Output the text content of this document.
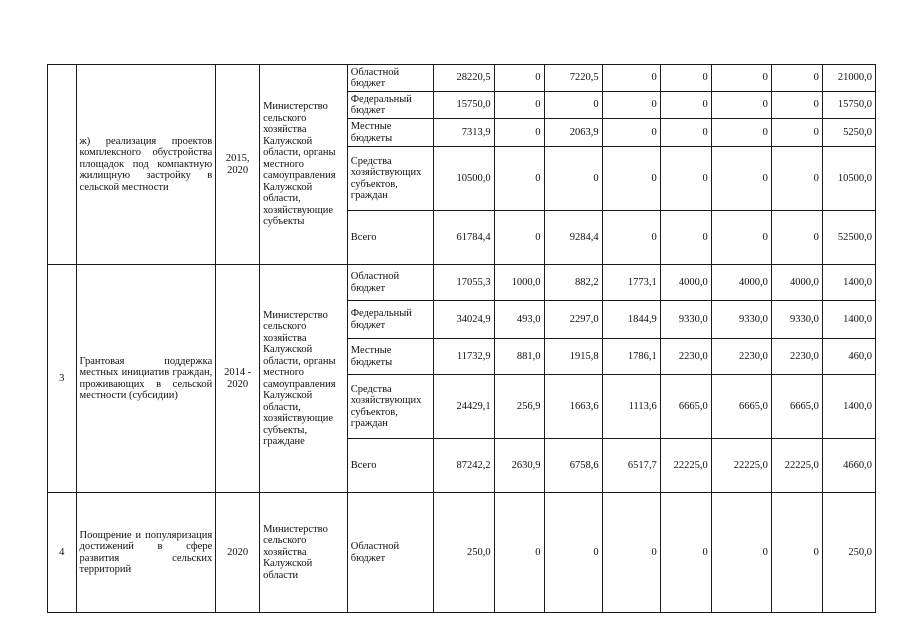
	ж) реализация проектов комплексного обустройства площадок под компактную жилищную застройку в сельской местности	2015, 2020	Министерство сельского хозяйства Калужской области, органы местного самоуправления Калужской области, хозяйствующие субъекты	Областной бюджет	28220,5	0	7220,5	0	0	0	0	21000,0
				Федеральный бюджет	15750,0	0	0	0	0	0	0	15750,0
				Местные бюджеты	7313,9	0	2063,9	0	0	0	0	5250,0
				Средства хозяйствующих субъектов, граждан	10500,0	0	0	0	0	0	0	10500,0
				Всего	61784,4	0	9284,4	0	0	0	0	52500,0
3	Грантовая поддержка местных инициатив граждан, проживающих в сельской местности (субсидии)	2014 - 2020	Министерство сельского хозяйства Калужской области, органы местного самоуправления Калужской области, хозяйствующие субъекты, граждане	Областной бюджет	17055,3	1000,0	882,2	1773,1	4000,0	4000,0	4000,0	1400,0
				Федеральный бюджет	34024,9	493,0	2297,0	1844,9	9330,0	9330,0	9330,0	1400,0
				Местные бюджеты	11732,9	881,0	1915,8	1786,1	2230,0	2230,0	2230,0	460,0
				Средства хозяйствующих субъектов, граждан	24429,1	256,9	1663,6	1113,6	6665,0	6665,0	6665,0	1400,0
				Всего	87242,2	2630,9	6758,6	6517,7	22225,0	22225,0	22225,0	4660,0
4	Поощрение и популяризация достижений в сфере развития сельских территорий	2020	Министерство сельского хозяйства Калужской области	Областной бюджет	250,0	0	0	0	0	0	0	250,0
